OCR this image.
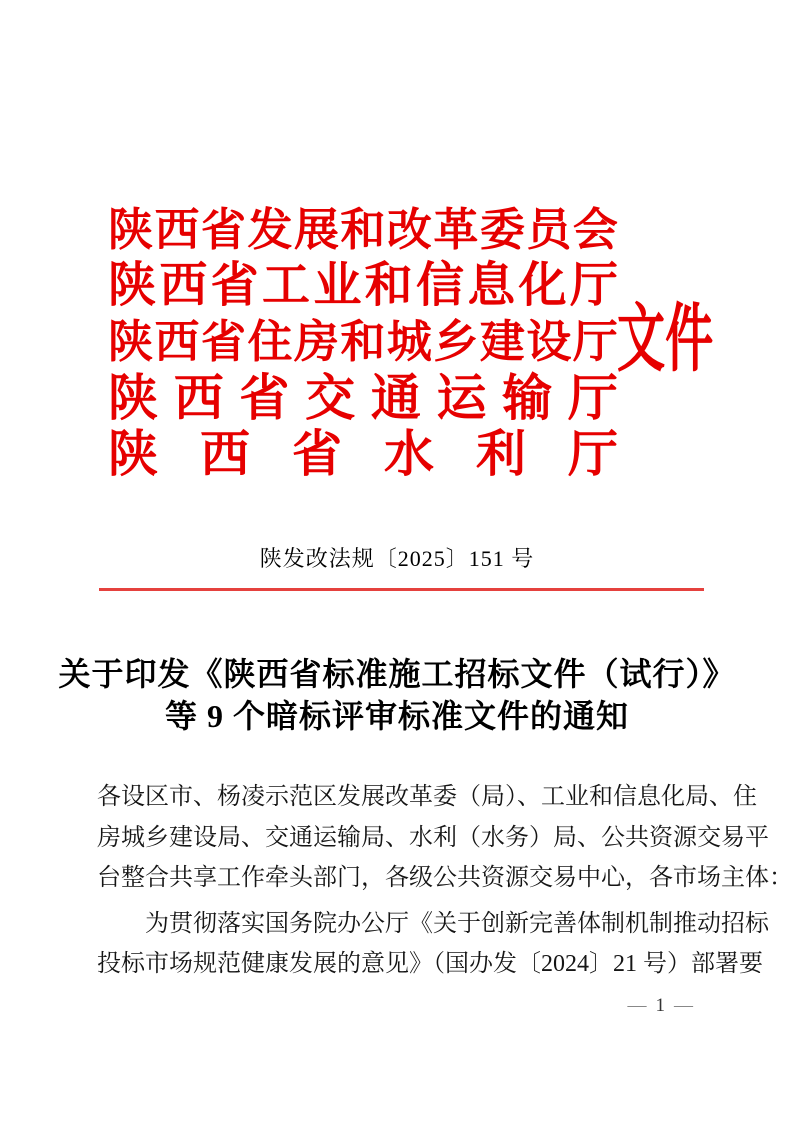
陕 西 省 发 展 和 改 革 委 员 会
陕 西 省 工 业 和 信 息 化 厅
陕 西 省 住 房 和 城 乡 建 设 厅
陕 西 省 交 通 运 输 厅
陕 西 省 水 利 厅
文件
陕发改法规〔2025〕151 号
关于印发《陕西省标准施工招标文件（试行）》
等 9 个暗标评审标准文件的通知
各设区市、杨凌示范区发展改革委（局）、工业和信息化局、住
房城乡建设局、交通运输局、水利（水务）局、公共资源交易平
台整合共享工作牵头部门，各级公共资源交易中心，各市场主体：
为贯彻落实国务院办公厅《关于创新完善体制机制推动招标
投标市场规范健康发展的意见》（国办发〔2024〕21 号）部署要
— 1 —
